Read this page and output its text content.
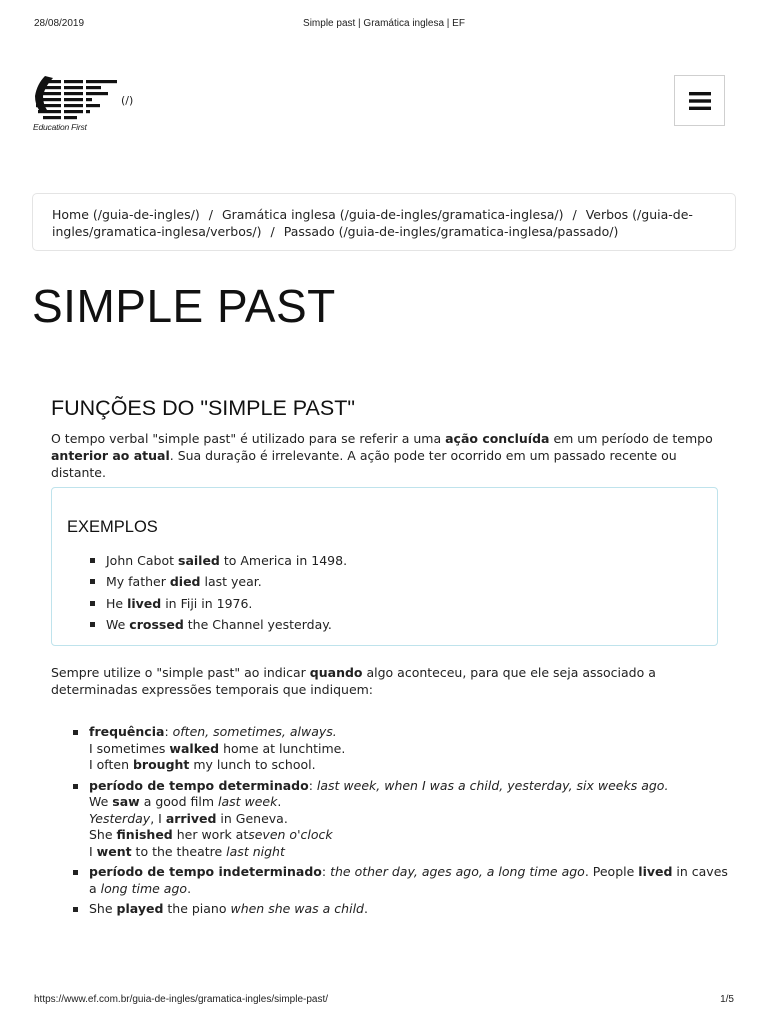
28/08/2019	Simple past | Gramática inglesa | EF
Education First
(/)
Home (/guia-de-ingles/) / Gramática inglesa (/guia-de-ingles/gramatica-inglesa/) / Verbos (/guia-de-ingles/gramatica-inglesa/verbos/) / Passado (/guia-de-ingles/gramatica-inglesa/passado/)
SIMPLE PAST
FUNÇÕES DO "SIMPLE PAST"

O tempo verbal "simple past" é utilizado para se referir a uma ação concluída em um período de tempo anterior ao atual. Sua duração é irrelevante. A ação pode ter ocorrido em um passado recente ou distante.

EXEMPLOS
John Cabot sailed to America in 1498.
My father died last year.
He lived in Fiji in 1976.
We crossed the Channel yesterday.

Sempre utilize o "simple past" ao indicar quando algo aconteceu, para que ele seja associado a determinadas expressões temporais que indiquem:

frequência: often, sometimes, always.
I sometimes walked home at lunchtime.
I often brought my lunch to school.
período de tempo determinado: last week, when I was a child, yesterday, six weeks ago.
We saw a good film last week.
Yesterday, I arrived in Geneva.
She finished her work atseven o'clock
I went to the theatre last night
período de tempo indeterminado: the other day, ages ago, a long time ago. People lived in caves a long time ago.
She played the piano when she was a child.
https://www.ef.com.br/guia-de-ingles/gramatica-ingles/simple-past/	1/5
